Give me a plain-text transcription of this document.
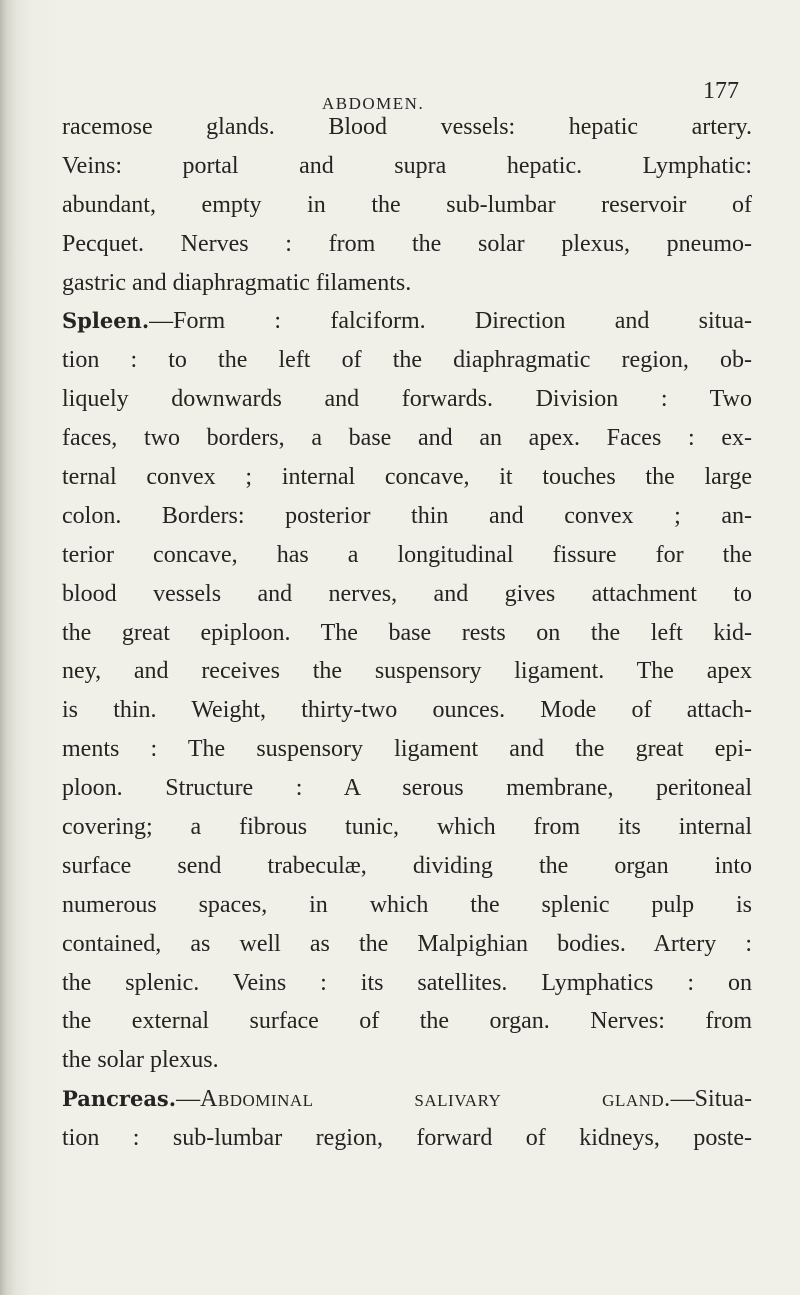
ABDOMEN.	177
racemose glands. Blood vessels: hepatic artery.
Veins: portal and supra hepatic. Lymphatic:
abundant, empty in the sub-lumbar reservoir of
Pecquet. Nerves : from the solar plexus, pneumo-
gastric and diaphragmatic filaments.
Spleen.—Form : falciform. Direction and situa-
tion : to the left of the diaphragmatic region, ob-
liquely downwards and forwards. Division : Two
faces, two borders, a base and an apex. Faces : ex-
ternal convex ; internal concave, it touches the large
colon. Borders: posterior thin and convex ; an-
terior concave, has a longitudinal fissure for the
blood vessels and nerves, and gives attachment to
the great epiploon. The base rests on the left kid-
ney, and receives the suspensory ligament. The apex
is thin. Weight, thirty-two ounces. Mode of attach-
ments : The suspensory ligament and the great epi-
ploon. Structure : A serous membrane, peritoneal
covering; a fibrous tunic, which from its internal
surface send trabeculæ, dividing the organ into
numerous spaces, in which the splenic pulp is
contained, as well as the Malpighian bodies. Artery :
the splenic. Veins : its satellites. Lymphatics : on
the external surface of the organ. Nerves: from
the solar plexus.
Pancreas.—Abdominal salivary gland.—Situa-
tion : sub-lumbar region, forward of kidneys, poste-
